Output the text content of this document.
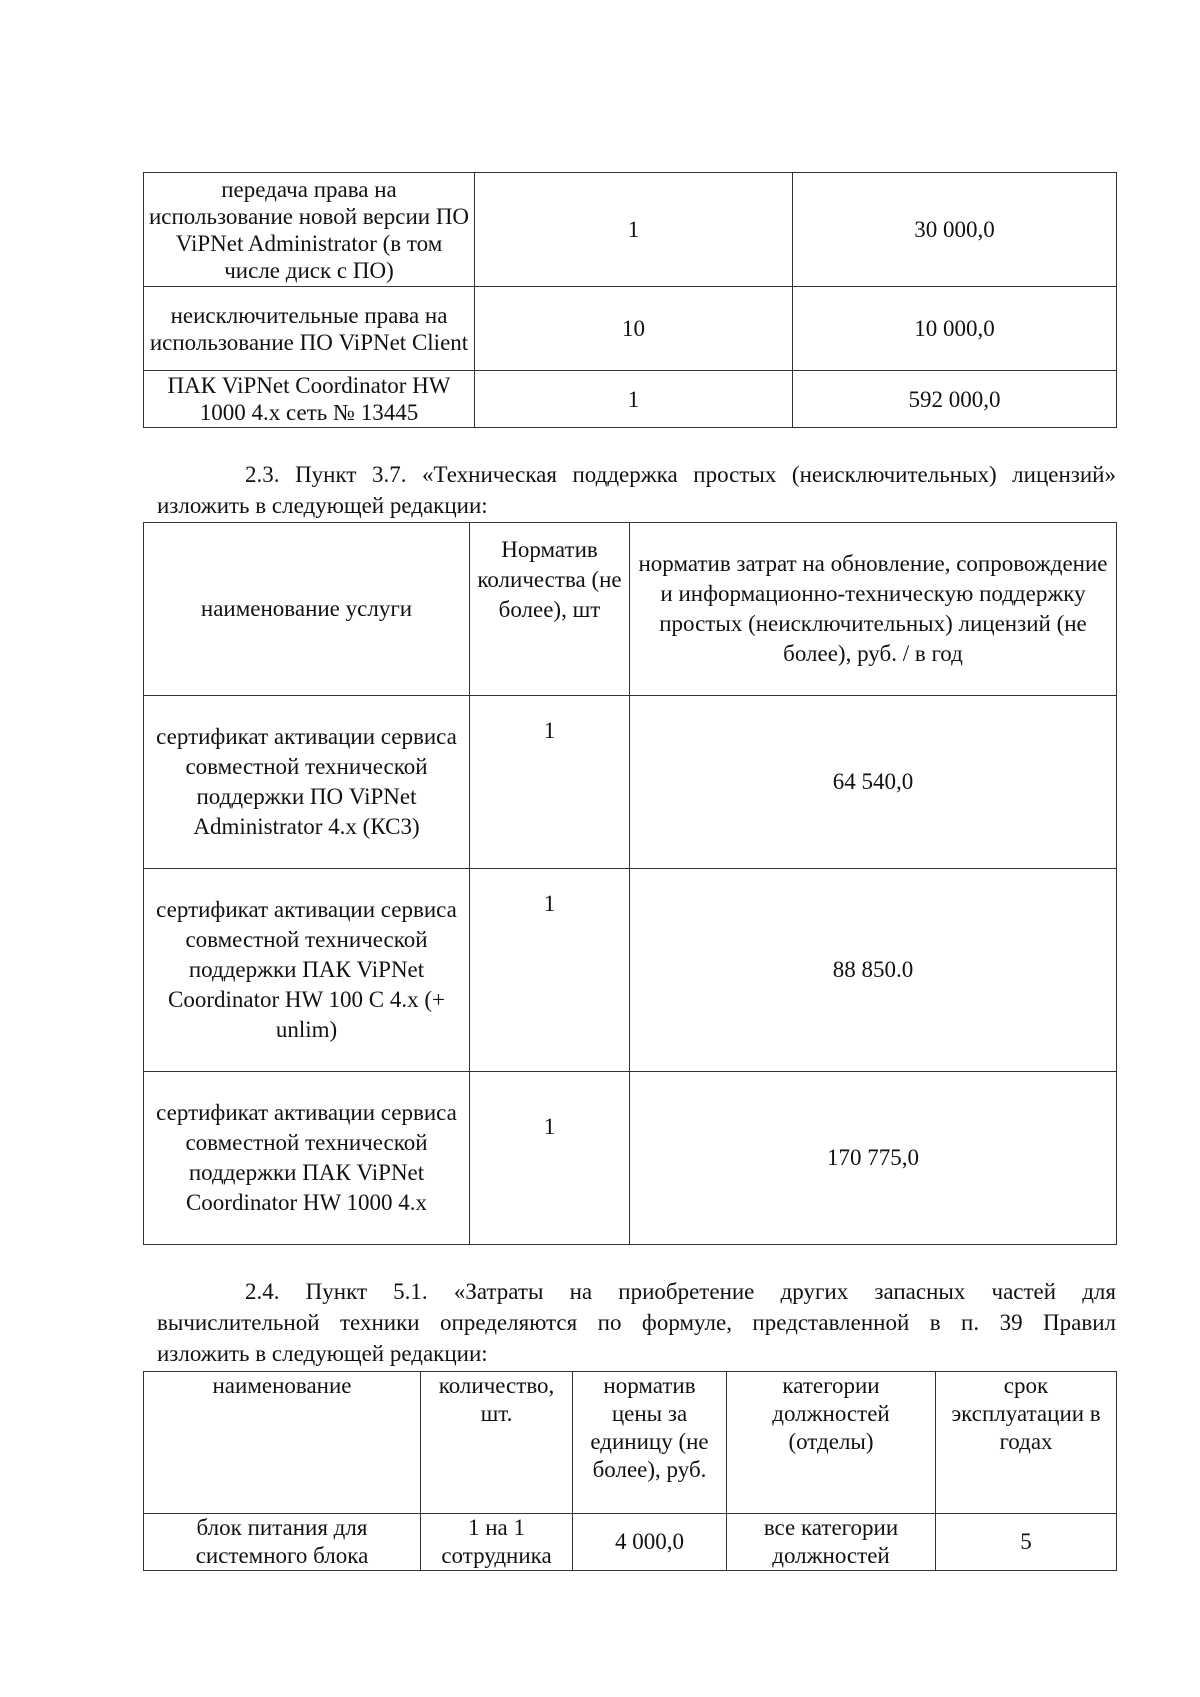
передача права на использование новой версии ПО ViPNet Administrator (в том числе диск с ПО)	1	30 000,0
неисключительные права на использование ПО ViPNet Client	10	10 000,0
ПАК ViPNet Coordinator HW 1000 4.x сеть № 13445	1	592 000,0
2.3. Пункт 3.7. «Техническая поддержка простых (неисключительных) лицензий»
изложить в следующей редакции:
наименование услуги	Норматив количества (не более), шт	норматив затрат на обновление, сопровождение и информационно-техническую поддержку простых (неисключительных) лицензий (не более), руб. / в год
сертификат активации сервиса совместной технической поддержки ПО ViPNet Administrator 4.x (КС3)	1	64 540,0
сертификат активации сервиса совместной технической поддержки ПАК ViPNet Coordinator HW 100 C 4.x (+ unlim)	1	88 850.0
сертификат активации сервиса совместной технической поддержки ПАК ViPNet Coordinator HW 1000 4.x	1	170 775,0
2.4. Пункт 5.1. «Затраты на приобретение других запасных частей для
вычислительной техники определяются по формуле, представленной в п. 39 Правил
изложить в следующей редакции:
наименование	количество, шт.	норматив цены за единицу (не более), руб.	категории должностей (отделы)	срок эксплуатации в годах
блок питания для системного блока	1 на 1 сотрудника	4 000,0	все категории должностей	5
